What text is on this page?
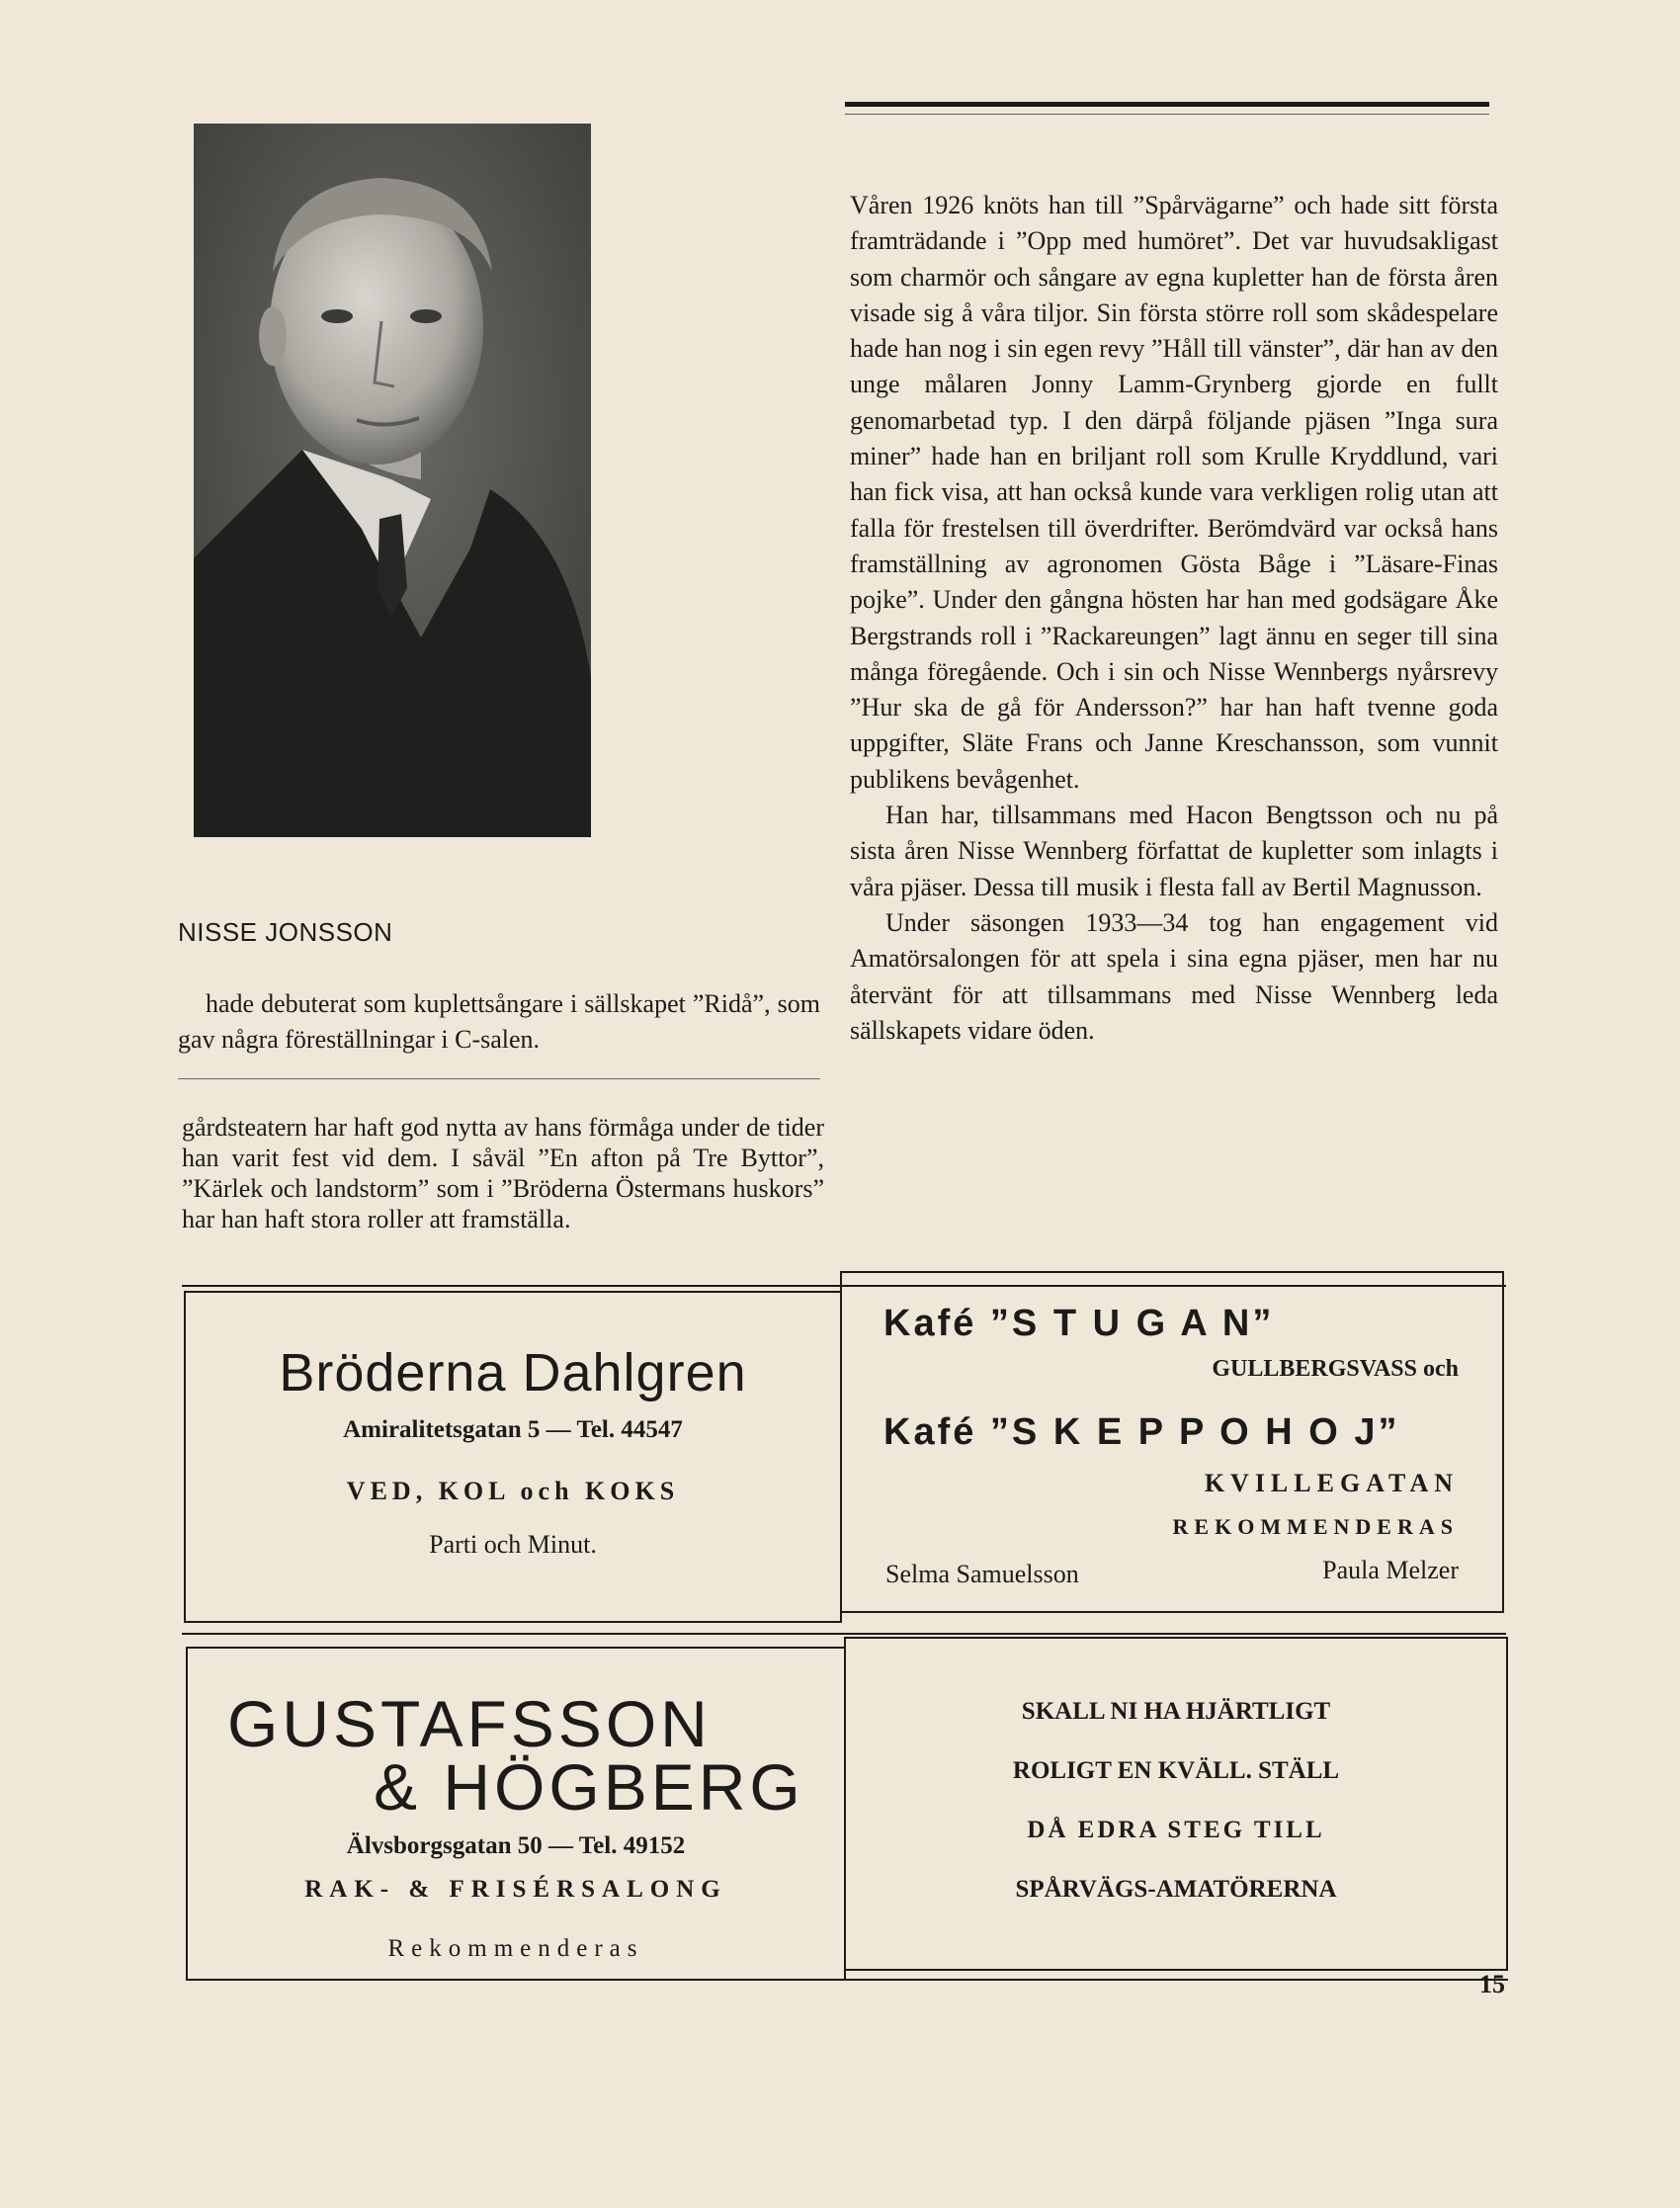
NISSE JONSSON
hade debuterat som kuplettsångare i sällskapet ”Ridå”, som gav några föreställningar i C-salen.
gårdsteatern har haft god nytta av hans förmåga under de tider han varit fest vid dem. I såväl ”En afton på Tre Byttor”, ”Kärlek och landstorm” som i ”Bröderna Östermans huskors” har han haft stora roller att framställa.

Våren 1926 knöts han till ”Spårvägarne” och hade sitt första framträdande i ”Opp med humöret”. Det var huvudsakligast som charmör och sångare av egna kupletter han de första åren visade sig å våra tiljor. Sin första större roll som skådespelare hade han nog i sin egen revy ”Håll till vänster”, där han av den unge målaren Jonny Lamm-Grynberg gjorde en fullt genomarbetad typ. I den därpå följande pjäsen ”Inga sura miner” hade han en briljant roll som Krulle Kryddlund, vari han fick visa, att han också kunde vara verkligen rolig utan att falla för frestelsen till överdrifter. Berömdvärd var också hans framställning av agronomen Gösta Båge i ”Läsare-Finas pojke”. Under den gångna hösten har han med godsägare Åke Bergstrands roll i ”Rackareungen” lagt ännu en seger till sina många föregående. Och i sin och Nisse Wennbergs nyårsrevy ”Hur ska de gå för Andersson?” har han haft tvenne goda uppgifter, Släte Frans och Janne Kreschansson, som vunnit publikens bevågenhet.

Han har, tillsammans med Hacon Bengtsson och nu på sista åren Nisse Wennberg författat de kupletter som inlagts i våra pjäser. Dessa till musik i flesta fall av Bertil Magnusson.

Under säsongen 1933—34 tog han engagement vid Amatörsalongen för att spela i sina egna pjäser, men har nu återvänt för att tillsammans med Nisse Wennberg leda sällskapets vidare öden.

Bröderna Dahlgren
Amiralitetsgatan 5 — Tel. 44547
VED, KOL och KOKS
Parti och Minut.
Kafé ”S T U G A N”
GULLBERGSVASS och
Kafé ”S K E P P O H O J”
KVILLEGATAN
REKOMMENDERAS
Selma Samuelsson	Paula Melzer
GUSTAFSSON
& HÖGBERG
Älvsborgsgatan 50 — Tel. 49152
RAK- & FRISÉRSALONG
Rekommenderas
SKALL NI HA HJÄRTLIGT
ROLIGT EN KVÄLL. STÄLL
DÅ EDRA STEG TILL
SPÅRVÄGS-AMATÖRERNA
15
